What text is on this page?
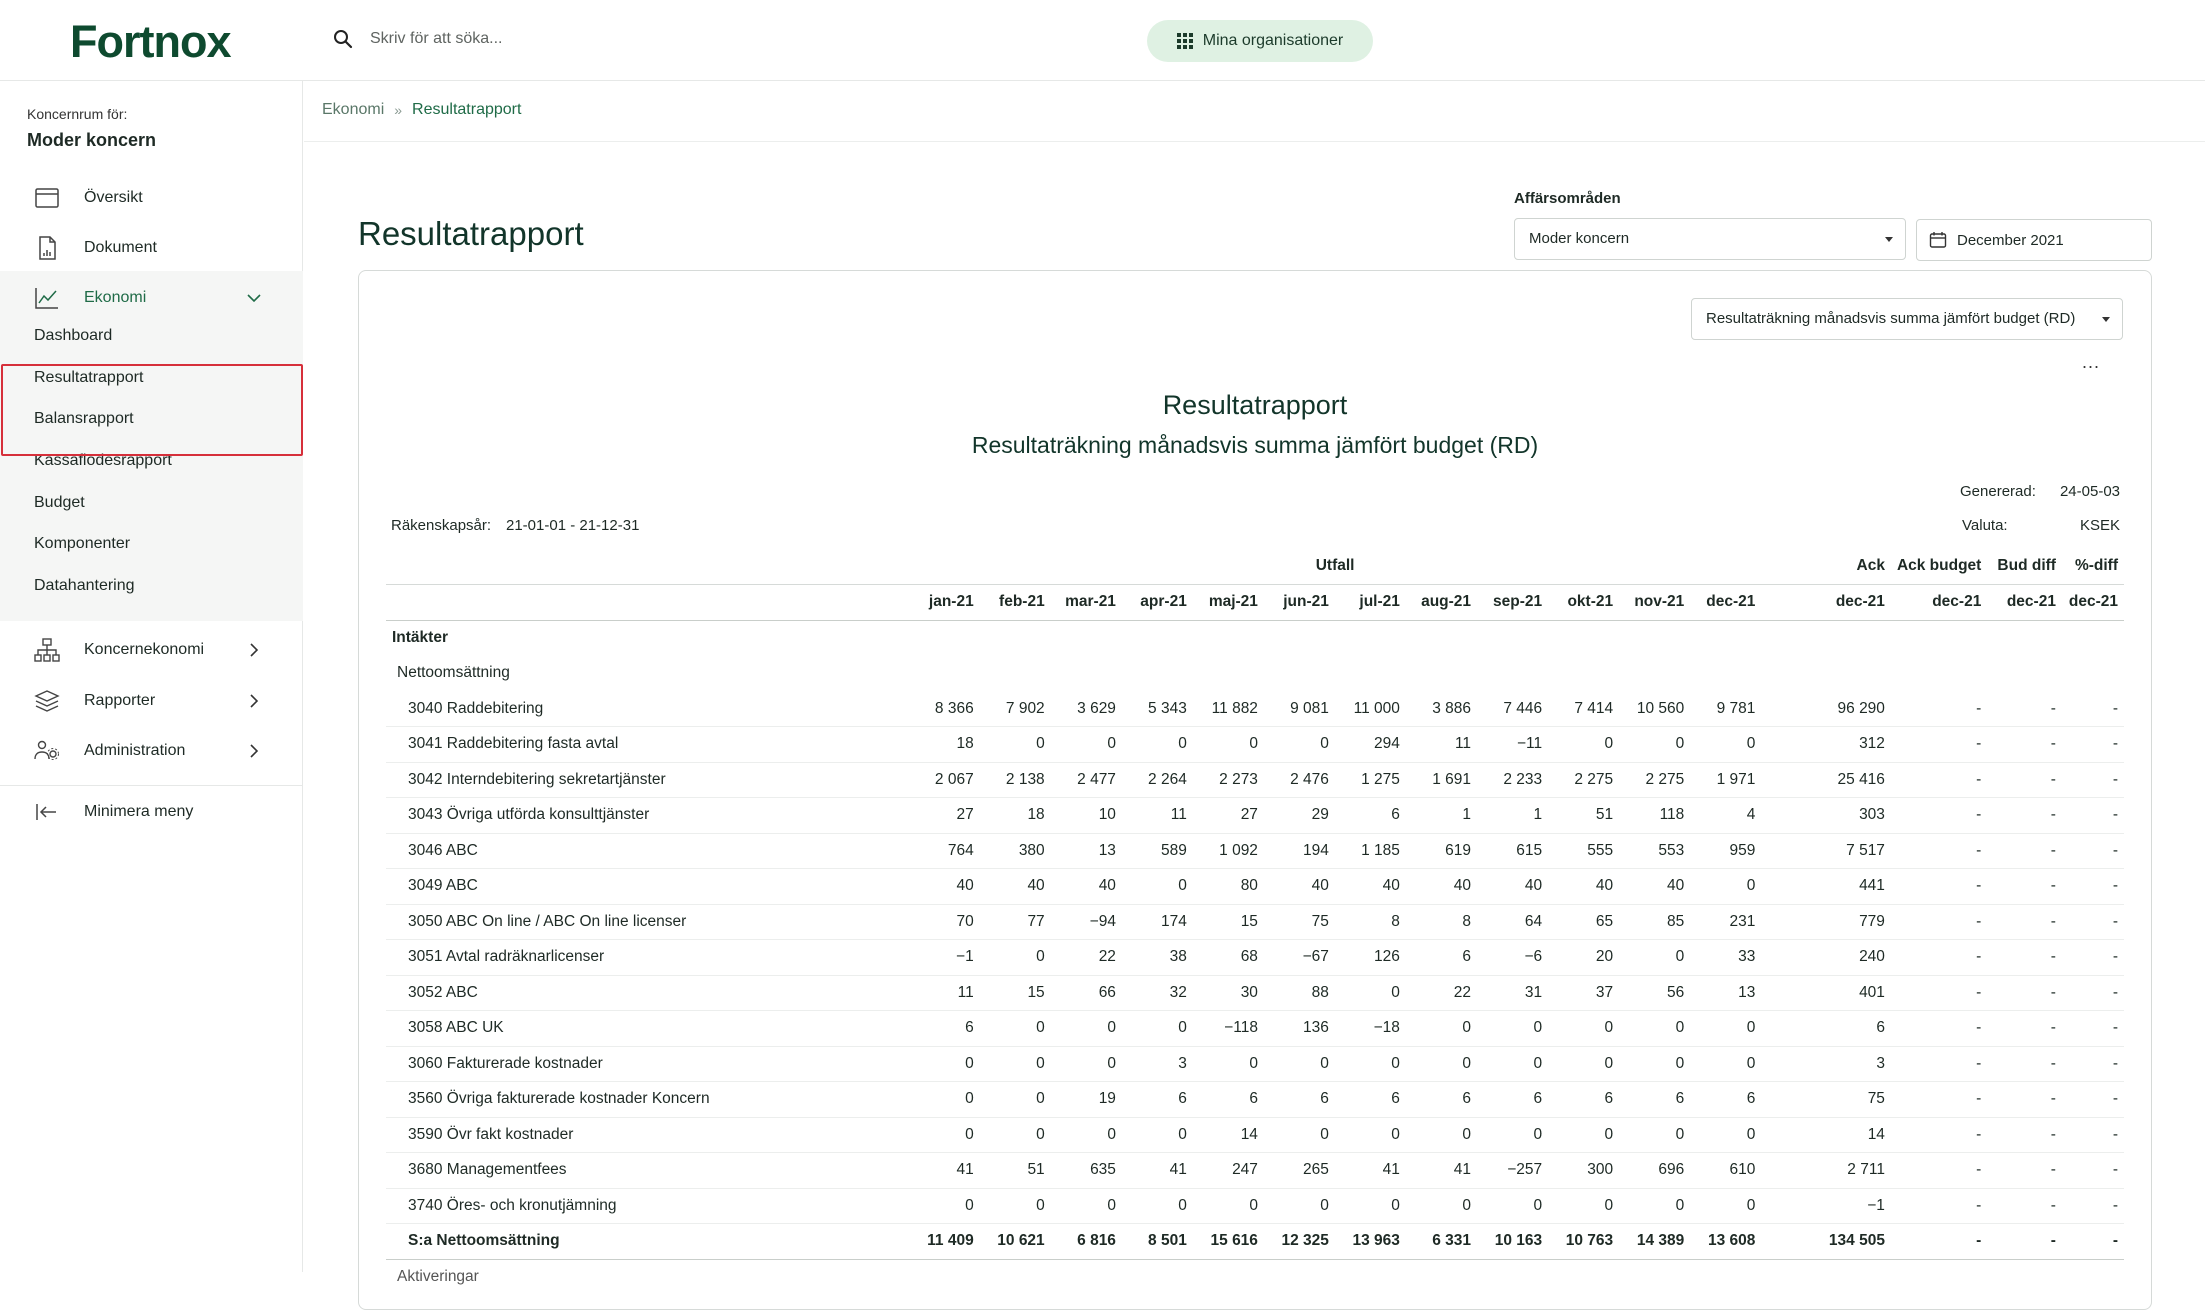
Fortnox
Skriv för att söka...	Mina organisationer
Koncernrum för:
Moder koncern
Översikt
Dokument
Ekonomi
Dashboard
Resultatrapport
Balansrapport
Kassaflödesrapport
Budget
Komponenter
Datahantering
Koncernekonomi
Rapporter
Administration
Minimera meny
Ekonomi » Resultatrapport
Resultatrapport
Affärsområden
Moder koncern	December 2021
Resultaträkning månadsvis summa jämfört budget (RD)
...
Resultatrapport
Resultaträkning månadsvis summa jämfört budget (RD)
Genererad:	24-05-03
Valuta:	KSEK
Räkenskapsår: 21-01-01 - 21-12-31
	Utfall												Ack	Ack budget	Bud diff	%-diff
	jan-21	feb-21	mar-21	apr-21	maj-21	jun-21	jul-21	aug-21	sep-21	okt-21	nov-21	dec-21	dec-21	dec-21	dec-21	dec-21
Intäkter																
Nettoomsättning																
3040 Raddebitering	8 366	7 902	3 629	5 343	11 882	9 081	11 000	3 886	7 446	7 414	10 560	9 781	96 290	-	-	-
3041 Raddebitering fasta avtal	18	0	0	0	0	0	294	11	−11	0	0	0	312	-	-	-
3042 Interndebitering sekretartjänster	2 067	2 138	2 477	2 264	2 273	2 476	1 275	1 691	2 233	2 275	2 275	1 971	25 416	-	-	-
3043 Övriga utförda konsulttjänster	27	18	10	11	27	29	6	1	1	51	118	4	303	-	-	-
3046 ABC	764	380	13	589	1 092	194	1 185	619	615	555	553	959	7 517	-	-	-
3049 ABC	40	40	40	0	80	40	40	40	40	40	40	0	441	-	-	-
3050 ABC On line / ABC On line licenser	70	77	−94	174	15	75	8	8	64	65	85	231	779	-	-	-
3051 Avtal radräknarlicenser	−1	0	22	38	68	−67	126	6	−6	20	0	33	240	-	-	-
3052 ABC	11	15	66	32	30	88	0	22	31	37	56	13	401	-	-	-
3058 ABC UK	6	0	0	0	−118	136	−18	0	0	0	0	0	6	-	-	-
3060 Fakturerade kostnader	0	0	0	3	0	0	0	0	0	0	0	0	3	-	-	-
3560 Övriga fakturerade kostnader Koncern	0	0	19	6	6	6	6	6	6	6	6	6	75	-	-	-
3590 Övr fakt kostnader	0	0	0	0	14	0	0	0	0	0	0	0	14	-	-	-
3680 Managementfees	41	51	635	41	247	265	41	41	−257	300	696	610	2 711	-	-	-
3740 Öres- och kronutjämning	0	0	0	0	0	0	0	0	0	0	0	0	−1	-	-	-
S:a Nettoomsättning	11 409	10 621	6 816	8 501	15 616	12 325	13 963	6 331	10 163	10 763	14 389	13 608	134 505	-	-	-
Aktiveringar																
